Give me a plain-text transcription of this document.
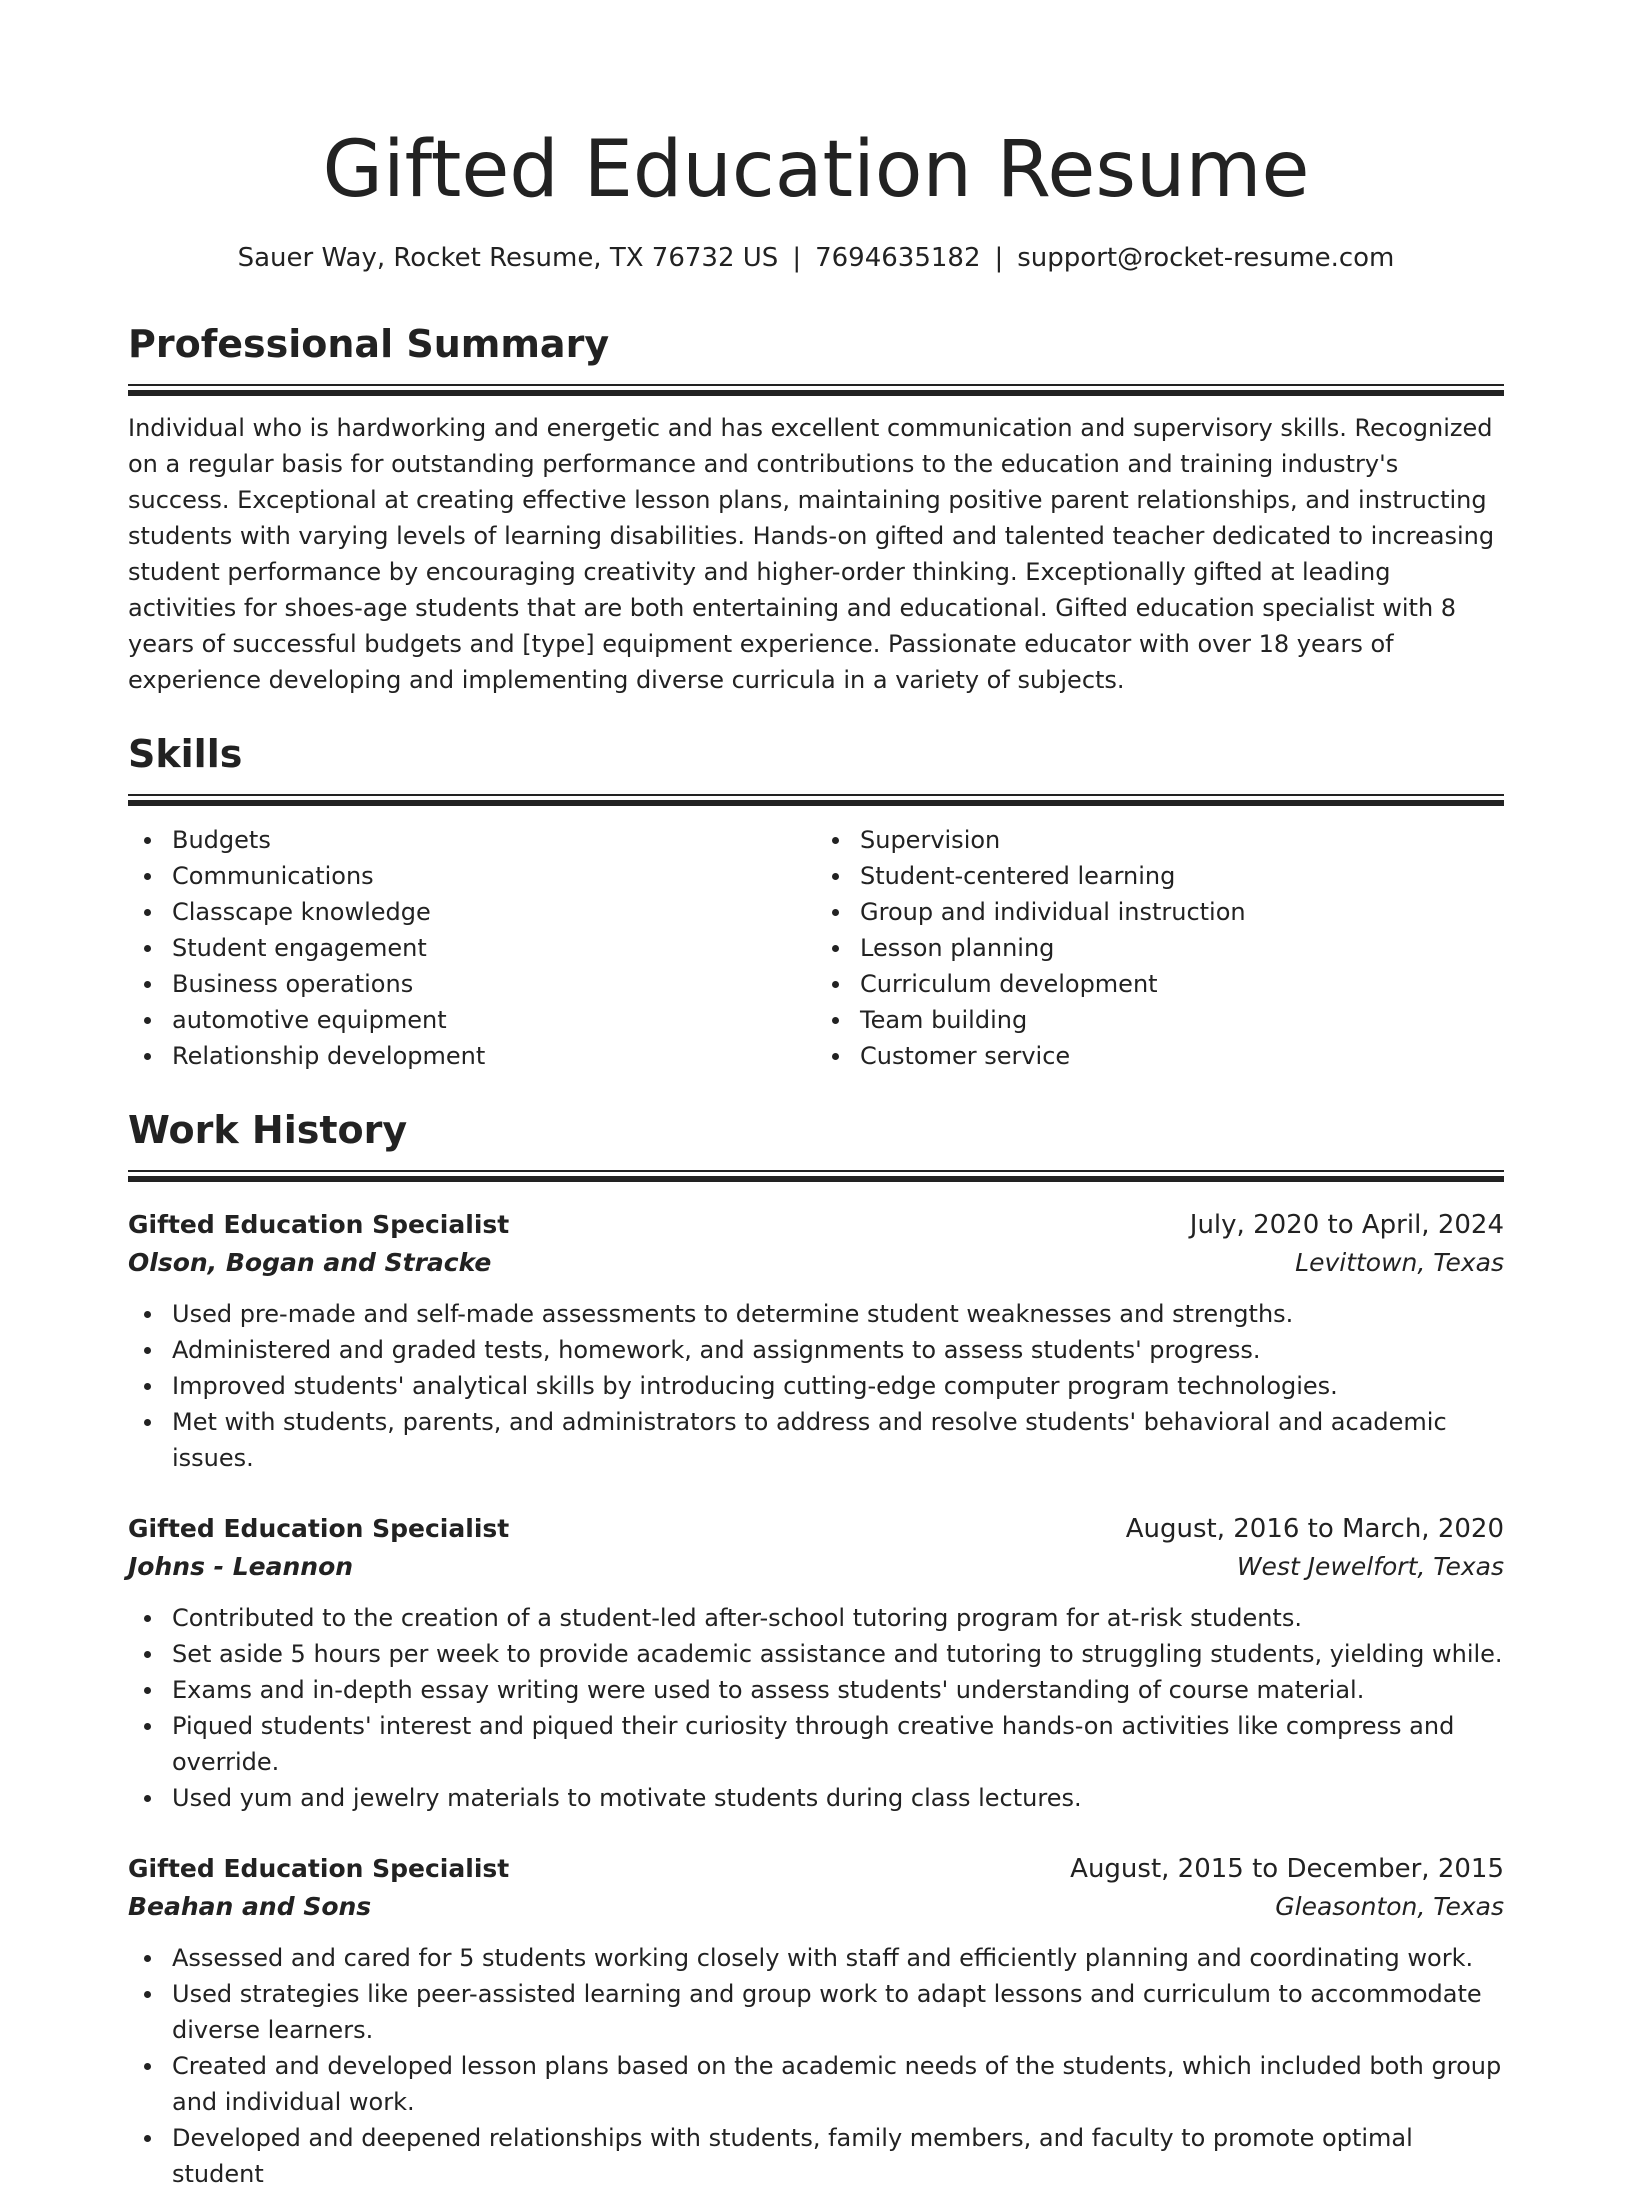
Gifted Education Resume
Sauer Way, Rocket Resume, TX 76732 US | 7694635182 | support@rocket-resume.com
Professional Summary

Individual who is hardworking and energetic and has excellent communication and supervisory skills. Recognized on a regular basis for outstanding performance and contributions to the education and training industry's success. Exceptional at creating effective lesson plans, maintaining positive parent relationships, and instructing students with varying levels of learning disabilities. Hands-on gifted and talented teacher dedicated to increasing student performance by encouraging creativity and higher-order thinking. Exceptionally gifted at leading activities for shoes-age students that are both entertaining and educational. Gifted education specialist with 8 years of successful budgets and [type] equipment experience. Passionate educator with over 18 years of experience developing and implementing diverse curricula in a variety of subjects.

Skills
Budgets
Communications
Classcape knowledge
Student engagement
Business operations
automotive equipment
Relationship development
Supervision
Student-centered learning
Group and individual instruction
Lesson planning
Curriculum development
Team building
Customer service
Work History
Gifted Education Specialist	July, 2020 to April, 2024
Olson, Bogan and Stracke	Levittown, Texas
Used pre-made and self-made assessments to determine student weaknesses and strengths.
Administered and graded tests, homework, and assignments to assess students' progress.
Improved students' analytical skills by introducing cutting-edge computer program technologies.
Met with students, parents, and administrators to address and resolve students' behavioral and academic issues.
Gifted Education Specialist	August, 2016 to March, 2020
Johns - Leannon	West Jewelfort, Texas
Contributed to the creation of a student-led after-school tutoring program for at-risk students.
Set aside 5 hours per week to provide academic assistance and tutoring to struggling students, yielding while.
Exams and in-depth essay writing were used to assess students' understanding of course material.
Piqued students' interest and piqued their curiosity through creative hands-on activities like compress and override.
Used yum and jewelry materials to motivate students during class lectures.
Gifted Education Specialist	August, 2015 to December, 2015
Beahan and Sons	Gleasonton, Texas
Assessed and cared for 5 students working closely with staff and efficiently planning and coordinating work.
Used strategies like peer-assisted learning and group work to adapt lessons and curriculum to accommodate diverse learners.
Created and developed lesson plans based on the academic needs of the students, which included both group and individual work.
Developed and deepened relationships with students, family members, and faculty to promote optimal student
